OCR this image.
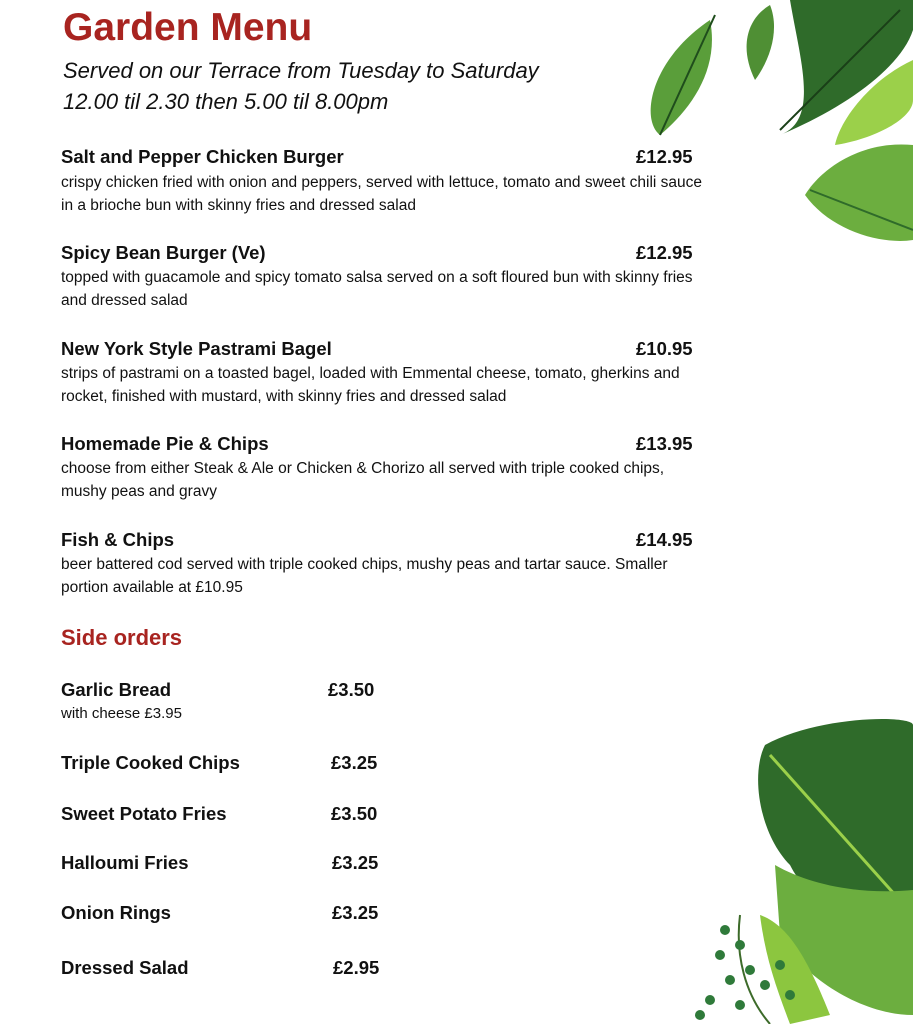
Garden Menu
Served on our Terrace from Tuesday to Saturday
12.00 til 2.30 then 5.00 til 8.00pm
Salt and Pepper Chicken Burger	£12.95
crispy chicken fried with onion and peppers, served with lettuce, tomato and sweet chili sauce in a brioche bun with skinny fries and dressed salad
Spicy Bean Burger (Ve)	£12.95
topped with guacamole and spicy tomato salsa served on a soft floured bun with skinny fries and dressed salad
New York Style Pastrami Bagel	£10.95
strips of pastrami on a toasted bagel, loaded with Emmental cheese, tomato, gherkins and rocket, finished with mustard, with skinny fries and dressed salad
Homemade Pie & Chips	£13.95
choose from either Steak & Ale or Chicken & Chorizo all served with triple cooked chips, mushy peas and gravy
Fish & Chips	£14.95
beer battered cod served with triple cooked chips, mushy peas and tartar sauce. Smaller portion available at £10.95
Side orders
Garlic Bread	£3.50
with cheese £3.95
Triple Cooked Chips	£3.25
Sweet Potato Fries	£3.50
Halloumi Fries	£3.25
Onion Rings	£3.25
Dressed Salad	£2.95
